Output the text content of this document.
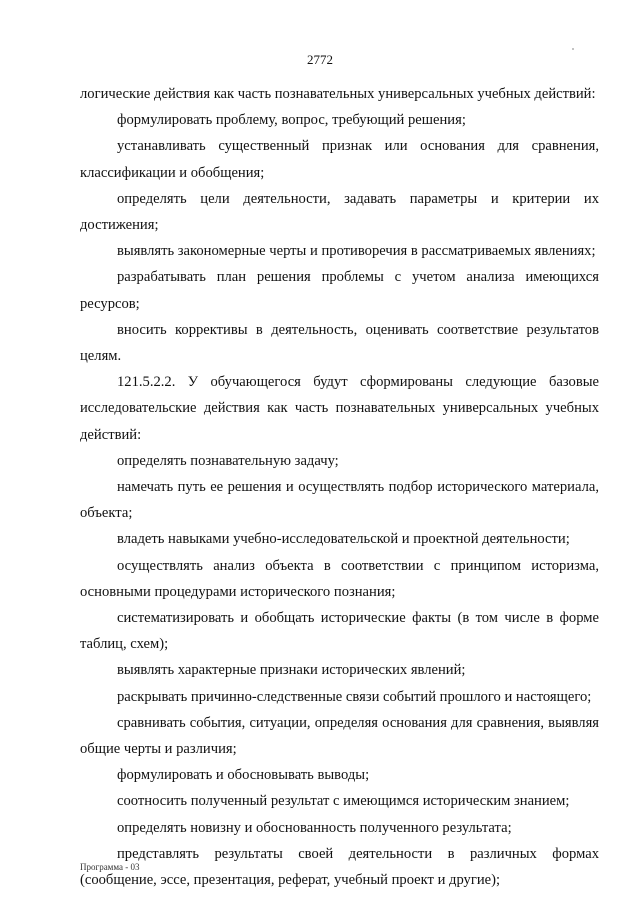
2772

логические действия как часть познавательных универсальных учебных действий:

формулировать проблему, вопрос, требующий решения;

устанавливать существенный признак или основания для сравнения, классификации и обобщения;

определять цели деятельности, задавать параметры и критерии их достижения;

выявлять закономерные черты и противоречия в рассматриваемых явлениях;

разрабатывать план решения проблемы с учетом анализа имеющихся ресурсов;

вносить коррективы в деятельность, оценивать соответствие результатов целям.

121.5.2.2. У обучающегося будут сформированы следующие базовые исследовательские действия как часть познавательных универсальных учебных действий:

определять познавательную задачу;

намечать путь ее решения и осуществлять подбор исторического материала, объекта;

владеть навыками учебно-исследовательской и проектной деятельности;

осуществлять анализ объекта в соответствии с принципом историзма, основными процедурами исторического познания;

систематизировать и обобщать исторические факты (в том числе в форме таблиц, схем);

выявлять характерные признаки исторических явлений;

раскрывать причинно-следственные связи событий прошлого и настоящего;

сравнивать события, ситуации, определяя основания для сравнения, выявляя общие черты и различия;

формулировать и обосновывать выводы;

соотносить полученный результат с имеющимся историческим знанием;

определять новизну и обоснованность полученного результата;

представлять результаты своей деятельности в различных формах (сообщение, эссе, презентация, реферат, учебный проект и другие);

Программа - 03
